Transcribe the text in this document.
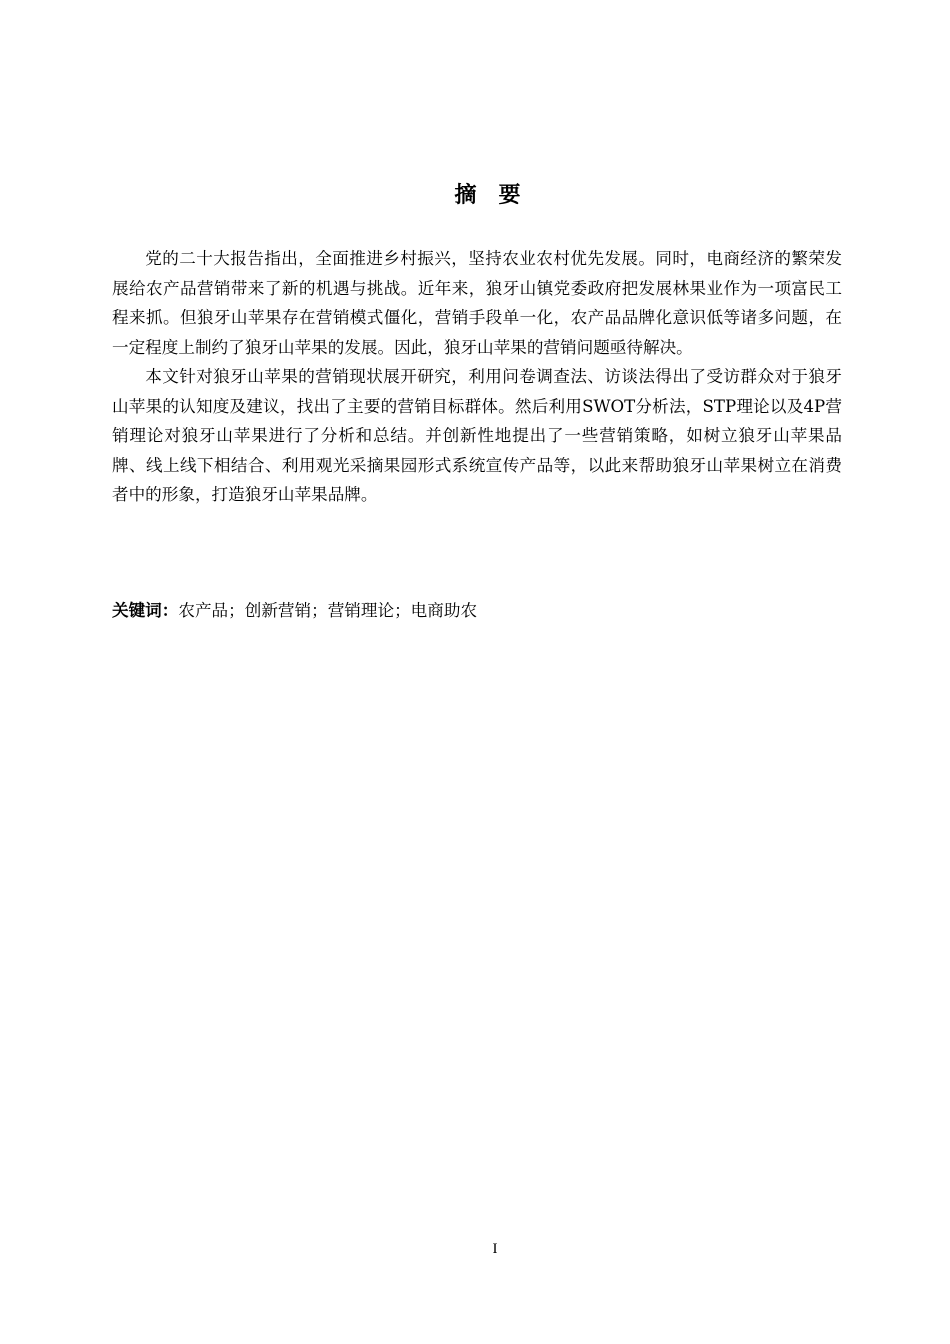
摘 要

党的二十大报告指出，全面推进乡村振兴，坚持农业农村优先发展。同时，电商经济的繁荣发展给农产品营销带来了新的机遇与挑战。近年来，狼牙山镇党委政府把发展林果业作为一项富民工程来抓。但狼牙山苹果存在营销模式僵化，营销手段单一化，农产品品牌化意识低等诸多问题，在一定程度上制约了狼牙山苹果的发展。因此，狼牙山苹果的营销问题亟待解决。

本文针对狼牙山苹果的营销现状展开研究，利用问卷调查法、访谈法得出了受访群众对于狼牙山苹果的认知度及建议，找出了主要的营销目标群体。然后利用SWOT分析法，STP理论以及4P营销理论对狼牙山苹果进行了分析和总结。并创新性地提出了一些营销策略，如树立狼牙山苹果品牌、线上线下相结合、利用观光采摘果园形式系统宣传产品等，以此来帮助狼牙山苹果树立在消费者中的形象，打造狼牙山苹果品牌。

关键词：农产品；创新营销；营销理论；电商助农
I
